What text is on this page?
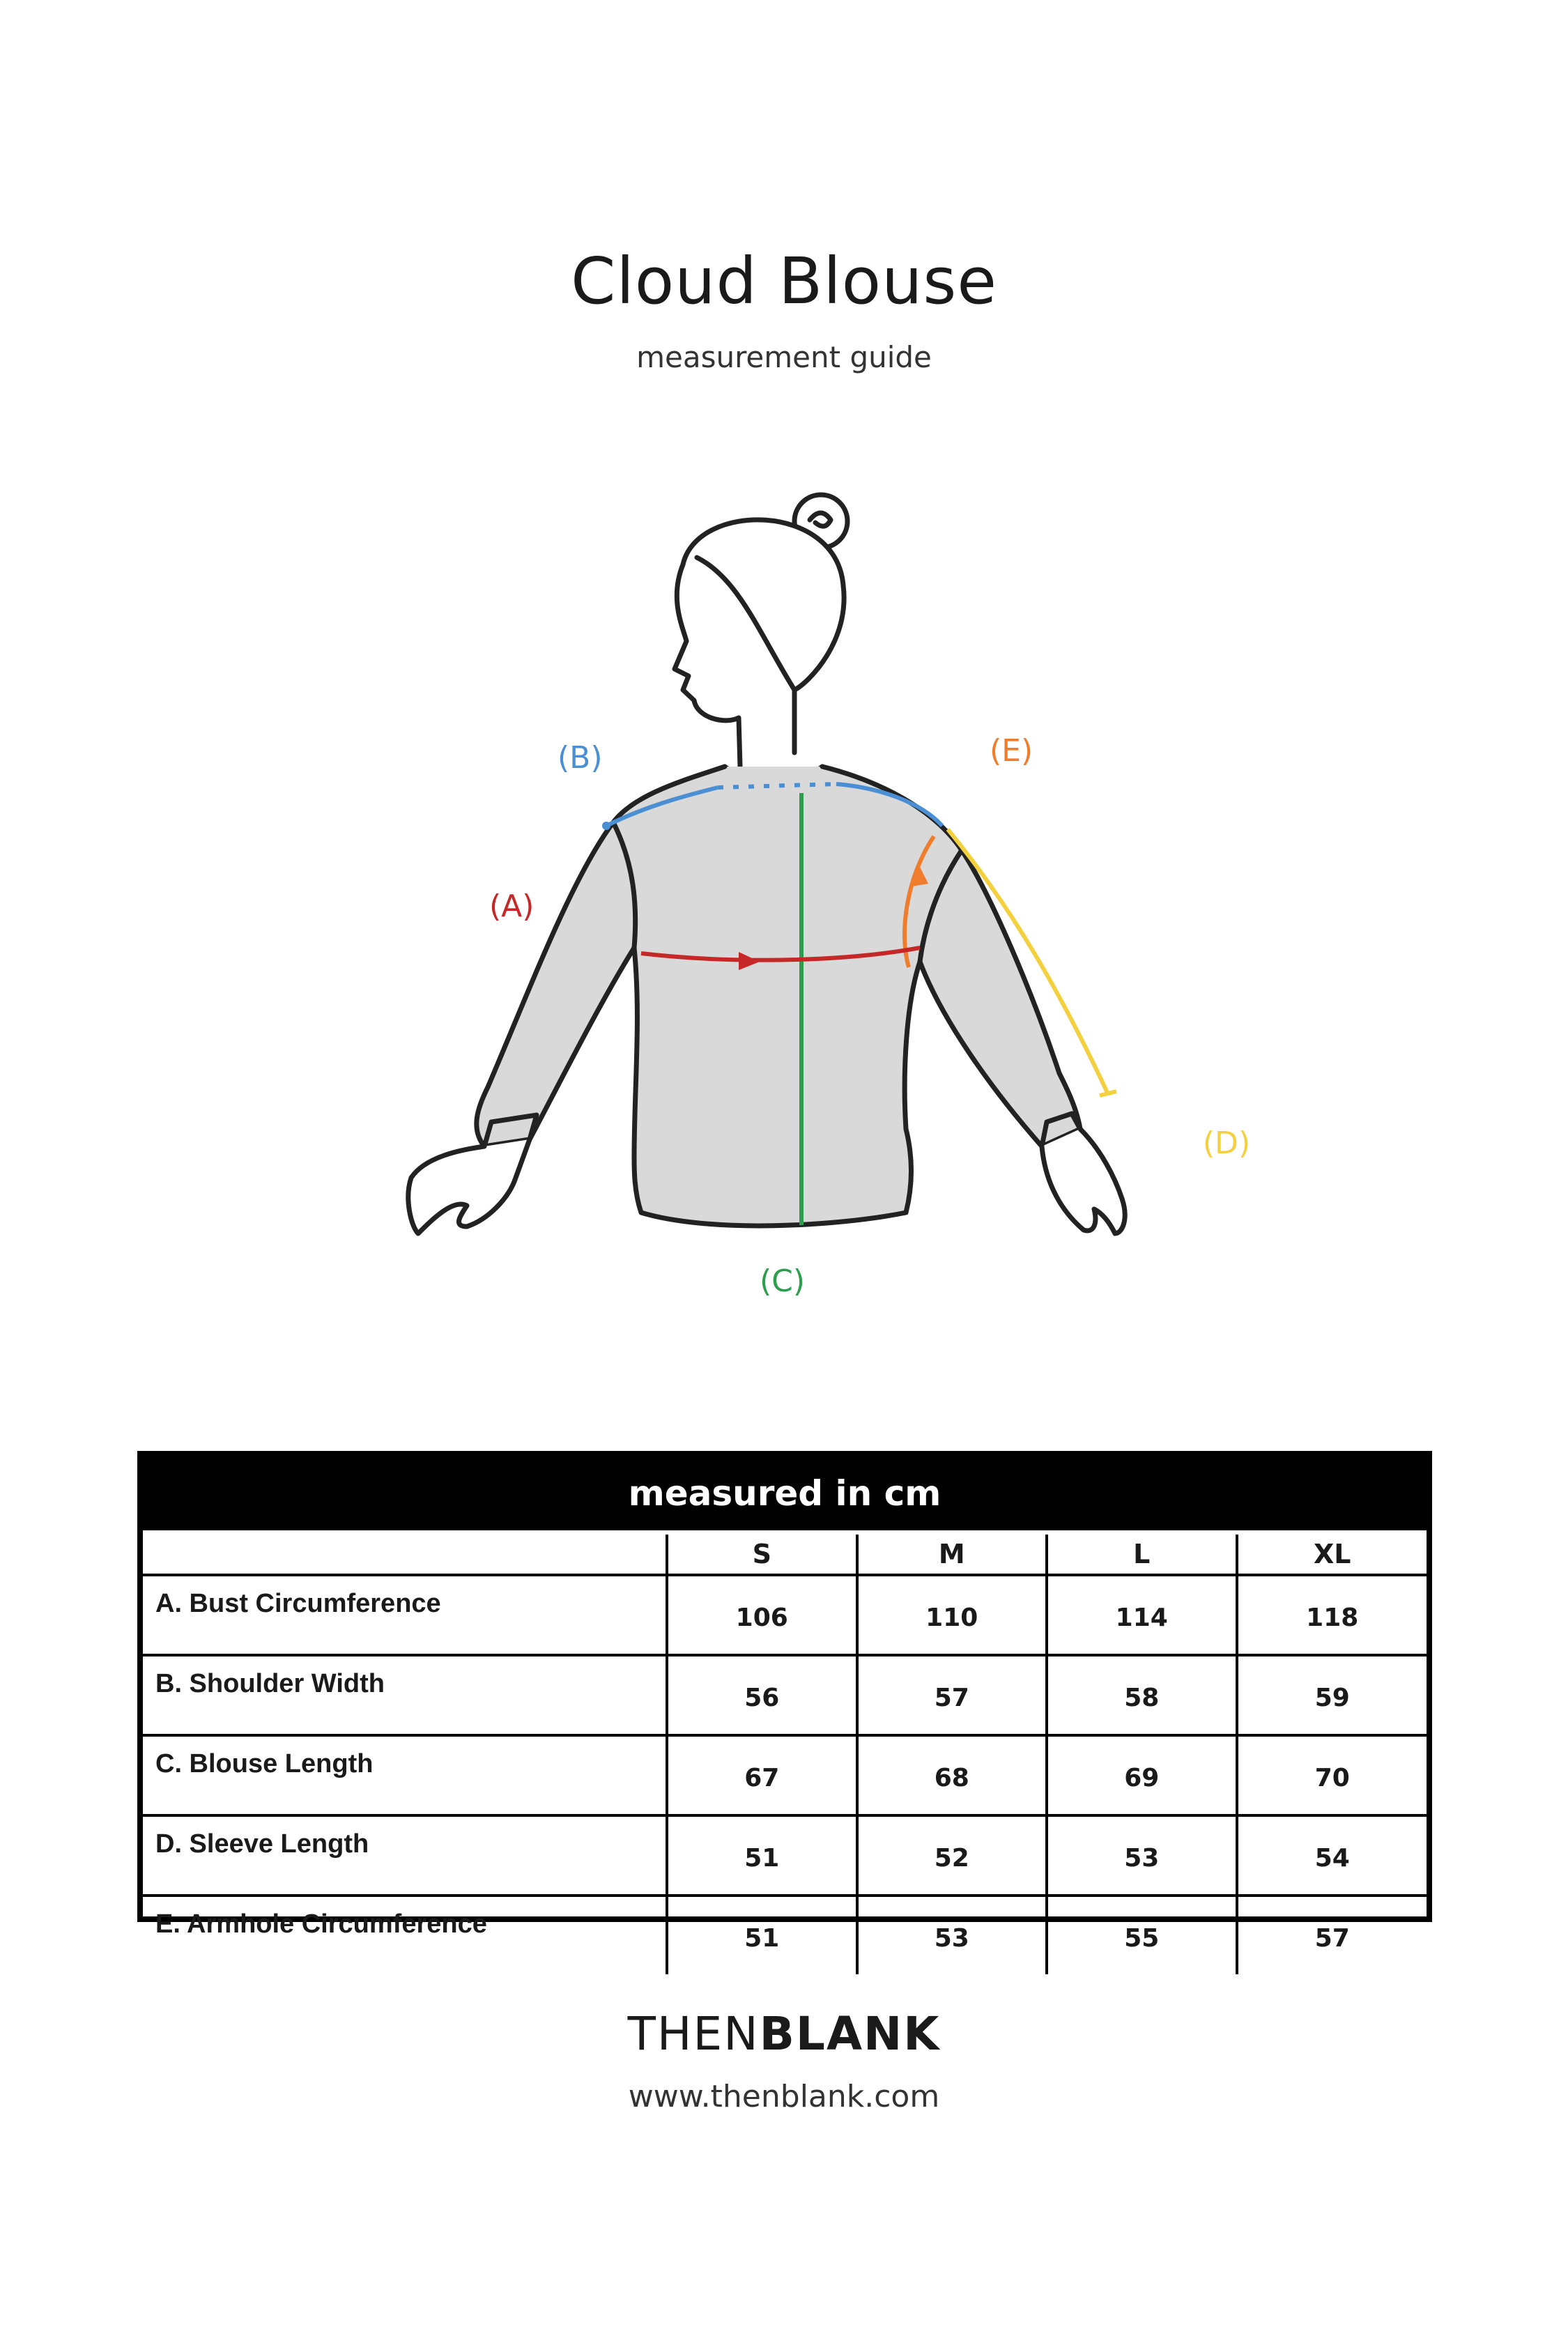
Cloud Blouse
measurement guide
(A)
(B)
(C)
(D)
(E)
measured in cm
	S	M	L	XL
A. Bust Circumference	106	110	114	118
B. Shoulder Width	56	57	58	59
C. Blouse Length	67	68	69	70
D. Sleeve Length	51	52	53	54
E. Armhole Circumference	51	53	55	57
THENBLANK
www.thenblank.com
